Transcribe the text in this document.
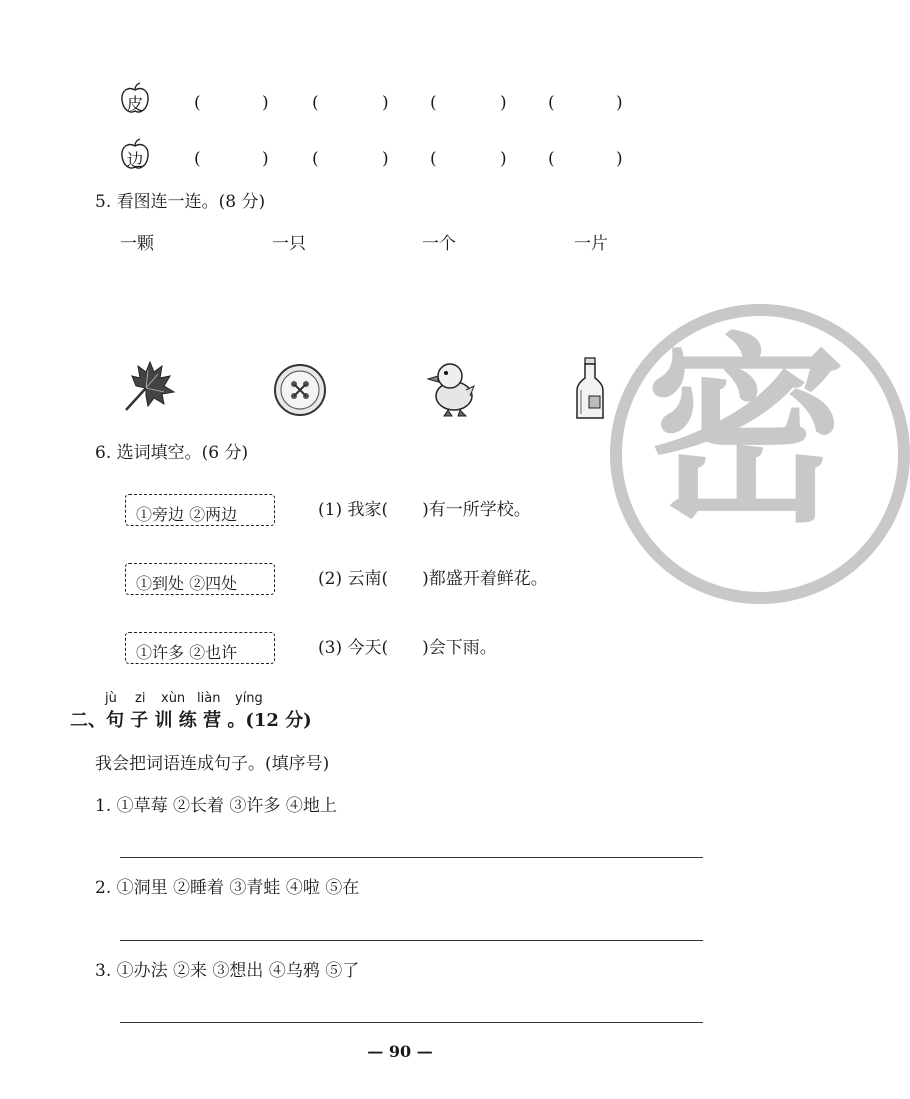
密
皮	(	)	(	) (	) (	)
边	(	)	(	) (	) (	)
5. 看图连一连。(8 分)
一颗	一只	一个	一片
6. 选词填空。(6 分)
①旁边 ②两边	(1) 我家(　　)有一所学校。
①到处 ②四处	(2) 云南(　　)都盛开着鲜花。
①许多 ②也许	(3) 今天(　　)会下雨。
jù zi xùn liàn yíng
二、句 子 训 练 营 。(12 分)
我会把词语连成句子。(填序号)
1. ①草莓 ②长着 ③许多 ④地上
2. ①洞里 ②睡着 ③青蛙 ④啦 ⑤在
3. ①办法 ②来 ③想出 ④乌鸦 ⑤了
— 90 —
